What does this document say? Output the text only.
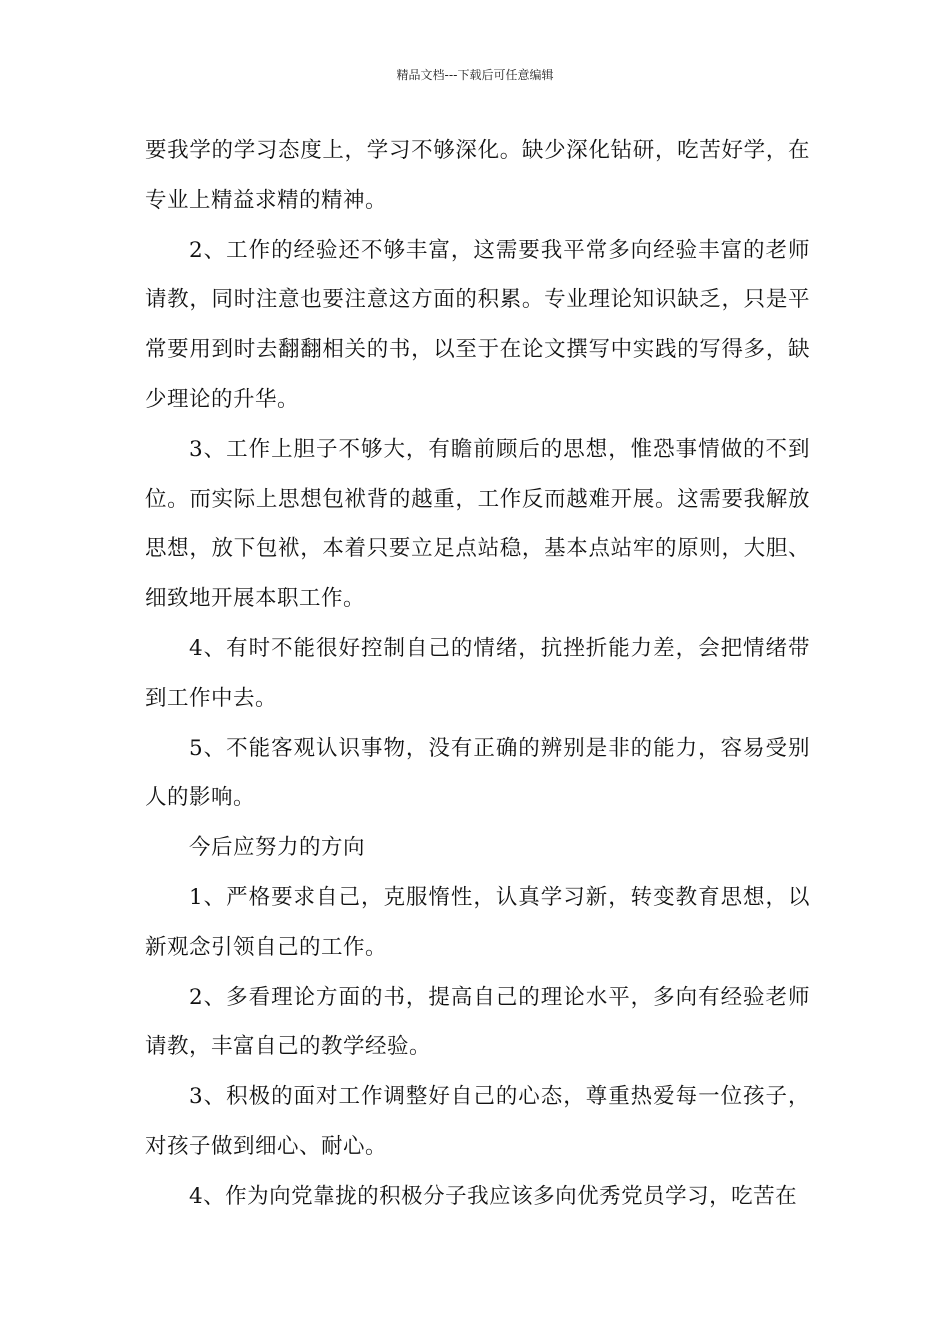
精品文档---下载后可任意编辑

要我学的学习态度上，学习不够深化。缺少深化钻研，吃苦好学，在专业上精益求精的精神。

2、工作的经验还不够丰富，这需要我平常多向经验丰富的老师请教，同时注意也要注意这方面的积累。专业理论知识缺乏，只是平常要用到时去翻翻相关的书，以至于在论文撰写中实践的写得多，缺少理论的升华。

3、工作上胆子不够大，有瞻前顾后的思想，惟恐事情做的不到位。而实际上思想包袱背的越重，工作反而越难开展。这需要我解放思想，放下包袱，本着只要立足点站稳，基本点站牢的原则，大胆、细致地开展本职工作。

4、有时不能很好控制自己的情绪，抗挫折能力差，会把情绪带到工作中去。

5、不能客观认识事物，没有正确的辨别是非的能力，容易受别人的影响。

今后应努力的方向

1、严格要求自己，克服惰性，认真学习新，转变教育思想，以新观念引领自己的工作。

2、多看理论方面的书，提高自己的理论水平，多向有经验老师请教，丰富自己的教学经验。

3、积极的面对工作调整好自己的心态，尊重热爱每一位孩子，对孩子做到细心、耐心。

4、作为向党靠拢的积极分子我应该多向优秀党员学习，吃苦在
